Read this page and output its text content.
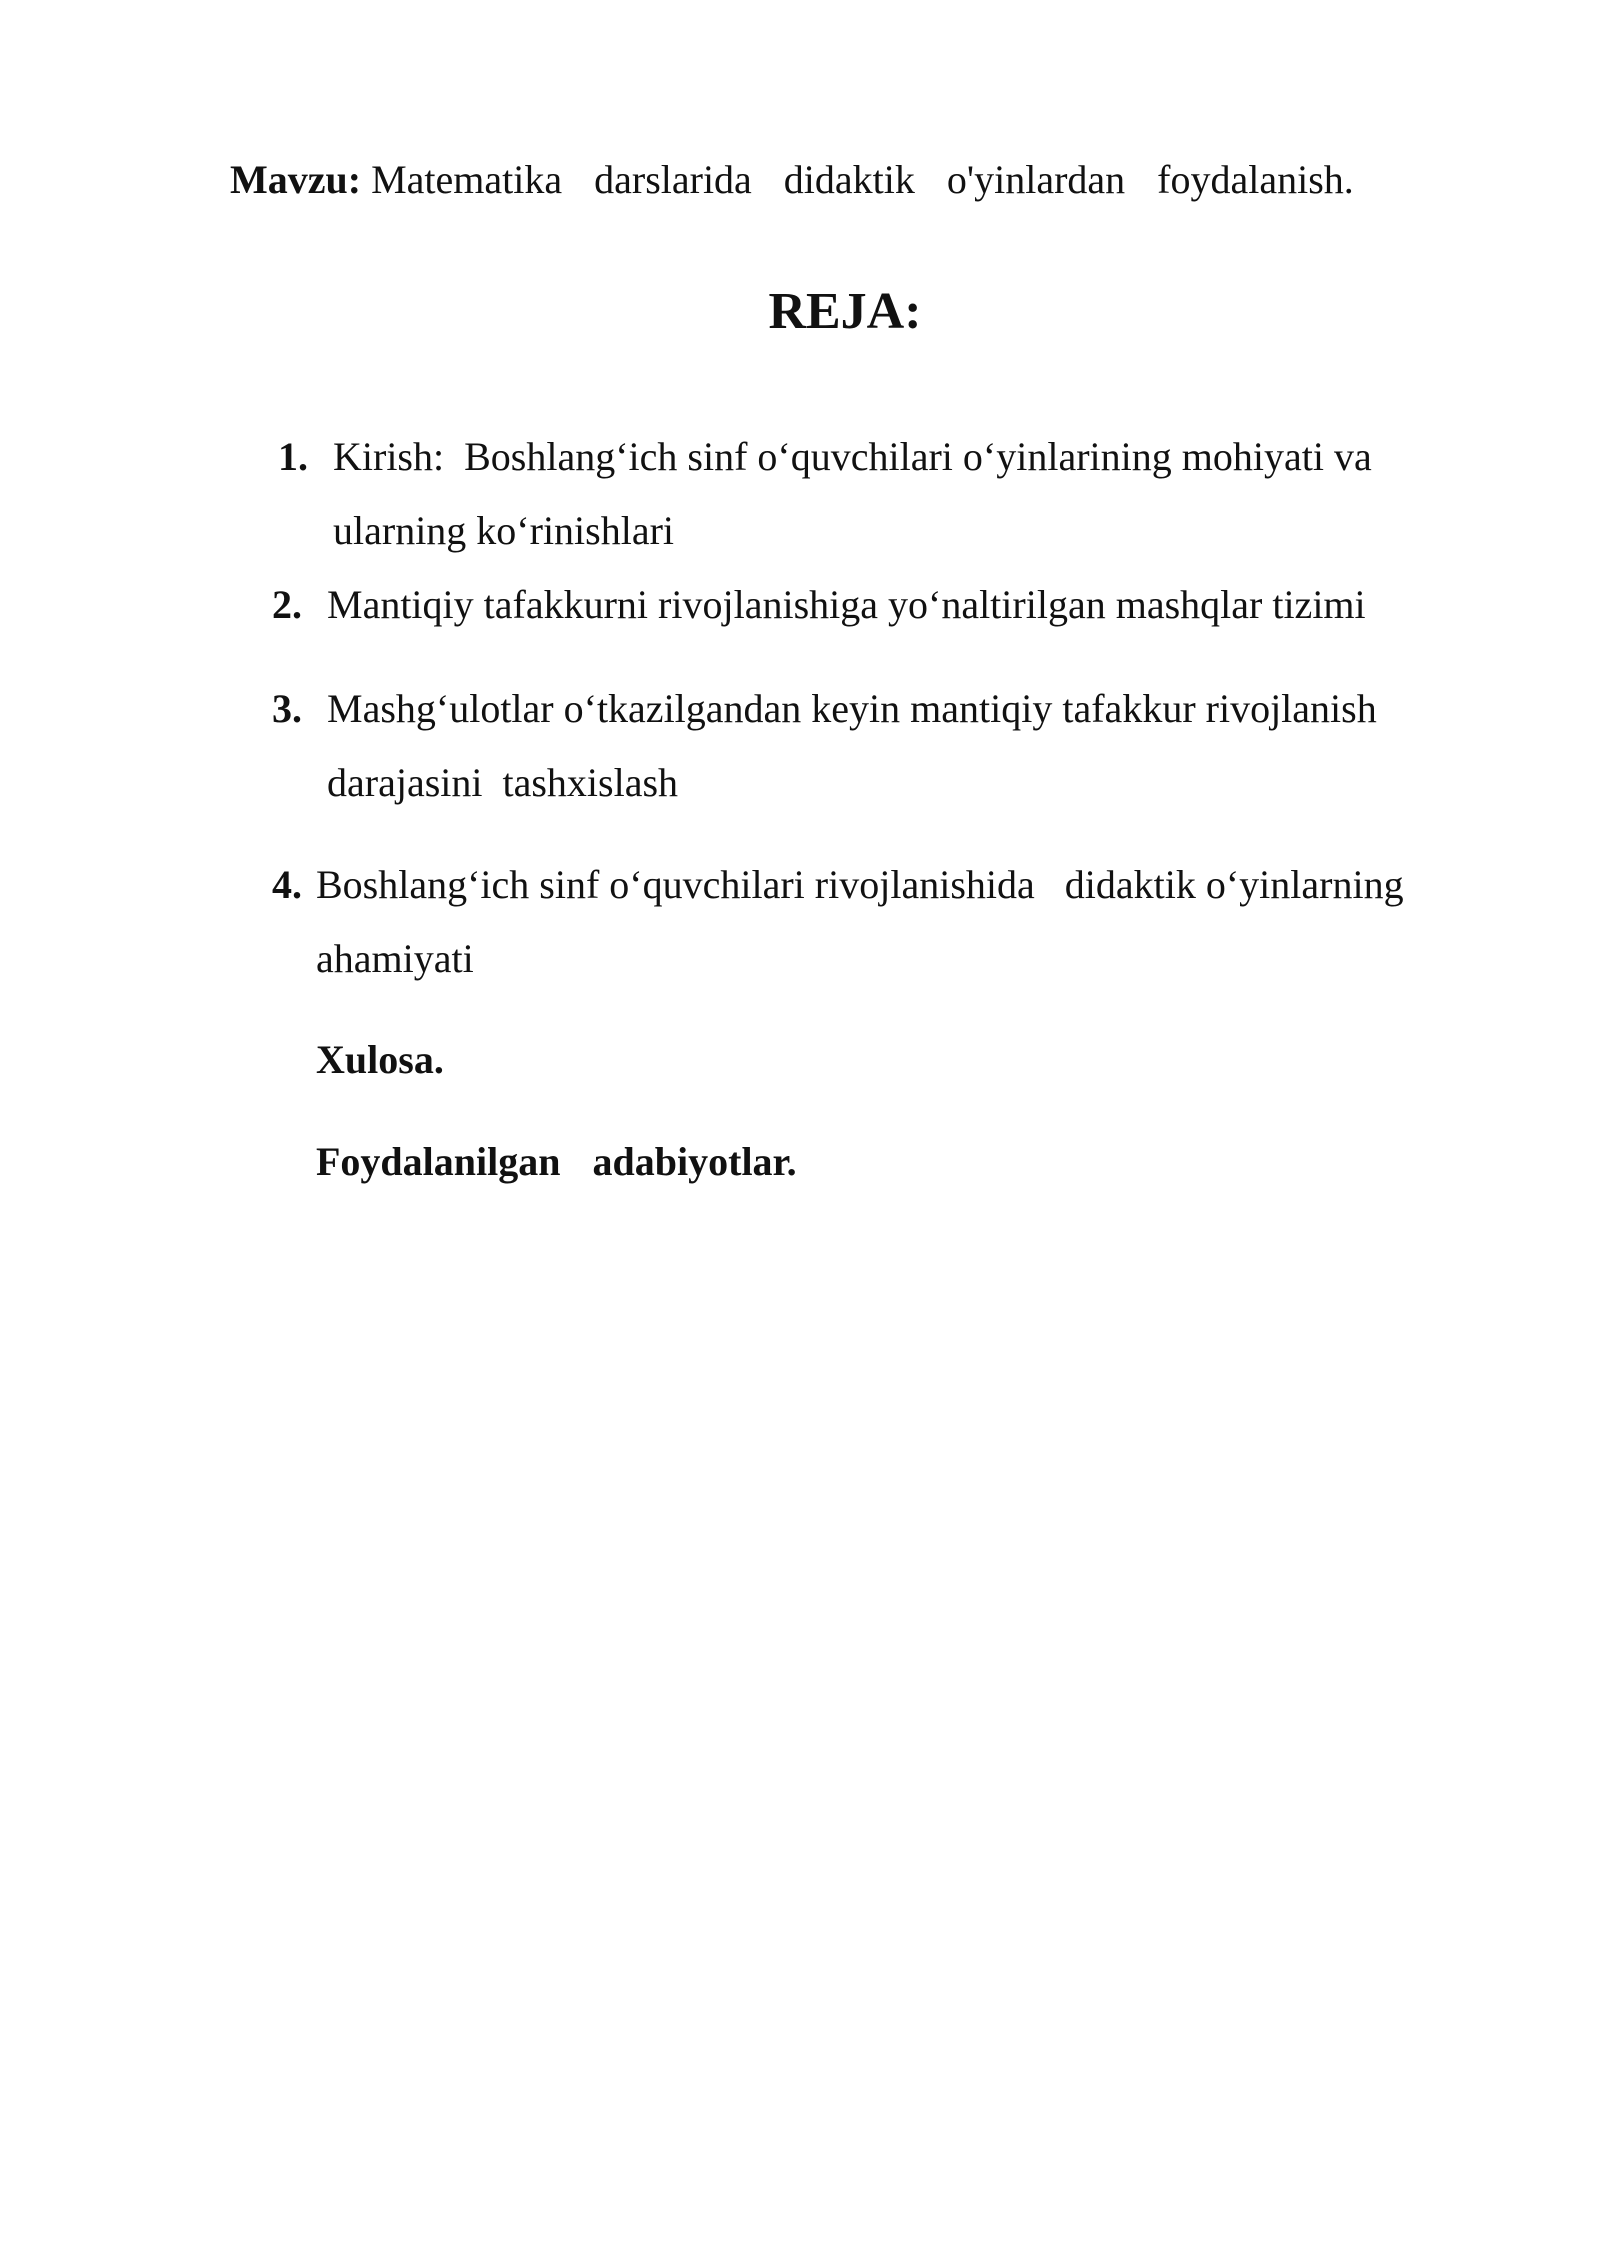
Mavzu: Matematika  darslarida  didaktik  o'yinlardan  foydalanish.
REJA:
1. Kirish:  Boshlang‘ich sinf o‘quvchilari o‘yinlarining mohiyati va ularning ko‘rinishlari
2. Mantiqiy tafakkurni rivojlanishiga yo‘naltirilgan mashqlar tizimi
3. Mashg‘ulotlar o‘tkazilgandan keyin mantiqiy tafakkur rivojlanish darajasini  tashxislash
4. Boshlang‘ich sinf o‘quvchilari rivojlanishida   didaktik o‘yinlarning ahamiyati
Xulosa.
Foydalanilgan  adabiyotlar.
